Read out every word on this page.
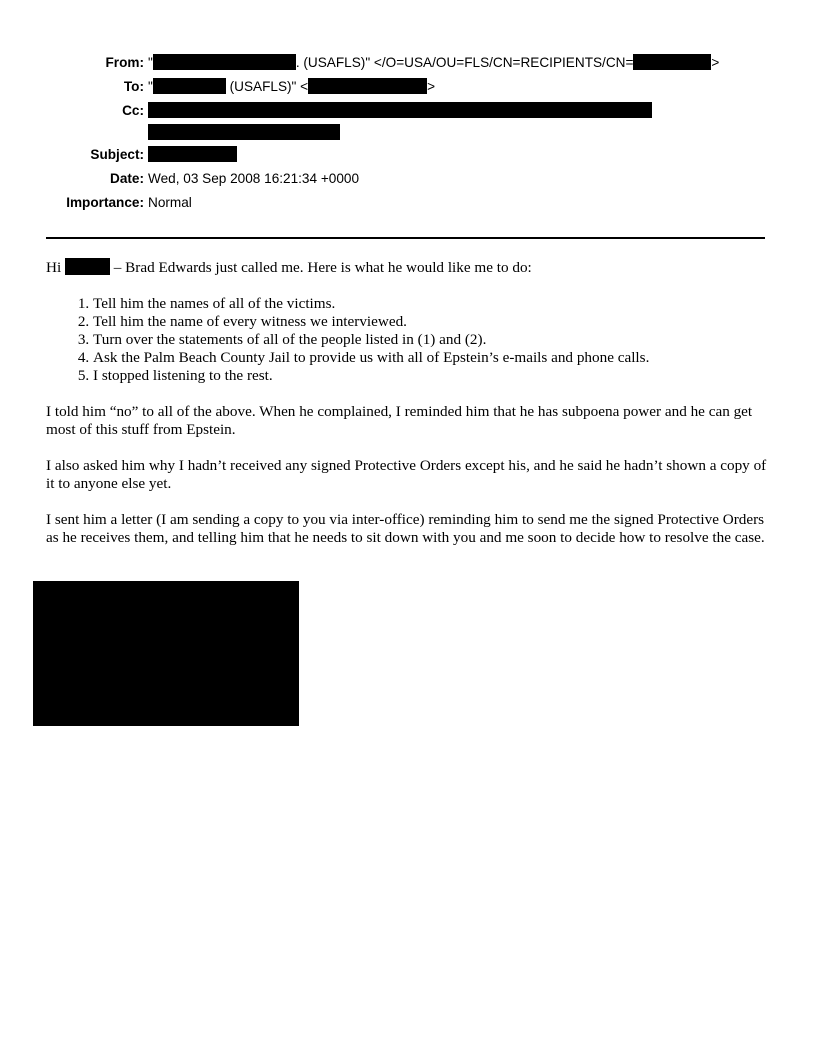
From: "	. (USAFLS)" </O=USA/OU=FLS/CN=RECIPIENTS/CN=	>
To: "	(USAFLS)" <	>
Cc:
Subject:
Date: Wed, 03 Sep 2008 16:21:34 +0000
Importance: Normal

Hi	– Brad Edwards just called me. Here is what he would like me to do:

1. Tell him the names of all of the victims.
2. Tell him the name of every witness we interviewed.
3. Turn over the statements of all of the people listed in (1) and (2).
4. Ask the Palm Beach County Jail to provide us with all of Epstein’s e-mails and phone calls.
5. I stopped listening to the rest.

I told him “no” to all of the above. When he complained, I reminded him that he has subpoena power and he can get most of this stuff from Epstein.

I also asked him why I hadn’t received any signed Protective Orders except his, and he said he hadn’t shown a copy of it to anyone else yet.

I sent him a letter (I am sending a copy to you via inter-office) reminding him to send me the signed Protective Orders as he receives them, and telling him that he needs to sit down with you and me soon to decide how to resolve the case.
